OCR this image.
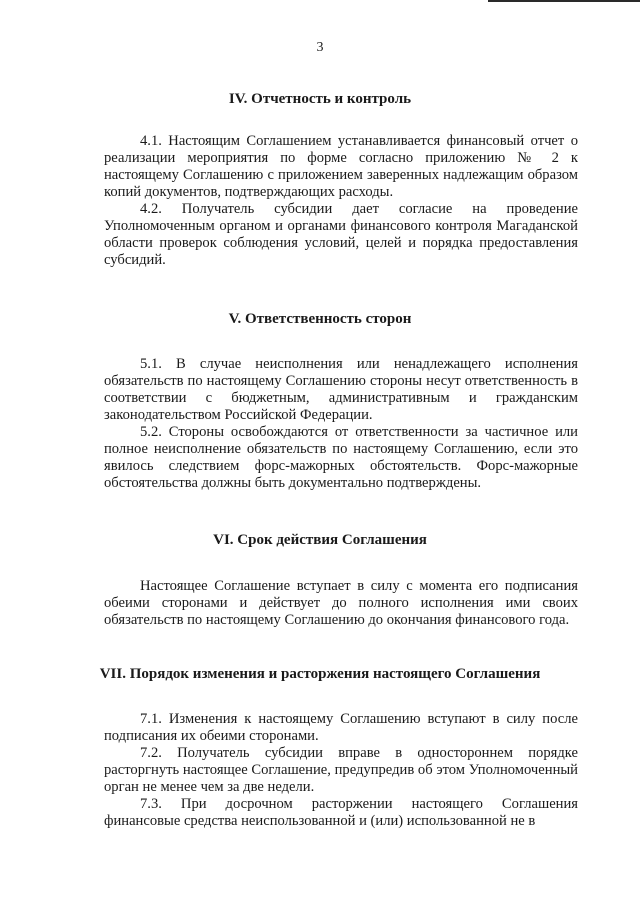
3
IV. Отчетность и контроль

4.1. Настоящим Соглашением устанавливается финансовый отчет о реализации мероприятия по форме согласно приложению № 2 к настоящему Соглашению с приложением заверенных надлежащим образом копий документов, подтверждающих расходы.

4.2. Получатель субсидии дает согласие на проведение Уполномоченным органом и органами финансового контроля Магаданской области проверок соблюдения условий, целей и порядка предоставления субсидий.

V. Ответственность сторон

5.1. В случае неисполнения или ненадлежащего исполнения обязательств по настоящему Соглашению стороны несут ответственность в соответствии с бюджетным, административным и гражданским законодательством Российской Федерации.

5.2. Стороны освобождаются от ответственности за частичное или полное неисполнение обязательств по настоящему Соглашению, если это явилось следствием форс-мажорных обстоятельств. Форс-мажорные обстоятельства должны быть документально подтверждены.

VI. Срок действия Соглашения

Настоящее Соглашение вступает в силу с момента его подписания обеими сторонами и действует до полного исполнения ими своих обязательств по настоящему Соглашению до окончания финансового года.

VII. Порядок изменения и расторжения настоящего Соглашения

7.1. Изменения к настоящему Соглашению вступают в силу после подписания их обеими сторонами.

7.2. Получатель субсидии вправе в одностороннем порядке расторгнуть настоящее Соглашение, предупредив об этом Уполномоченный орган не менее чем за две недели.

7.3. При досрочном расторжении настоящего Соглашения финансовые средства неиспользованной и (или) использованной не в
